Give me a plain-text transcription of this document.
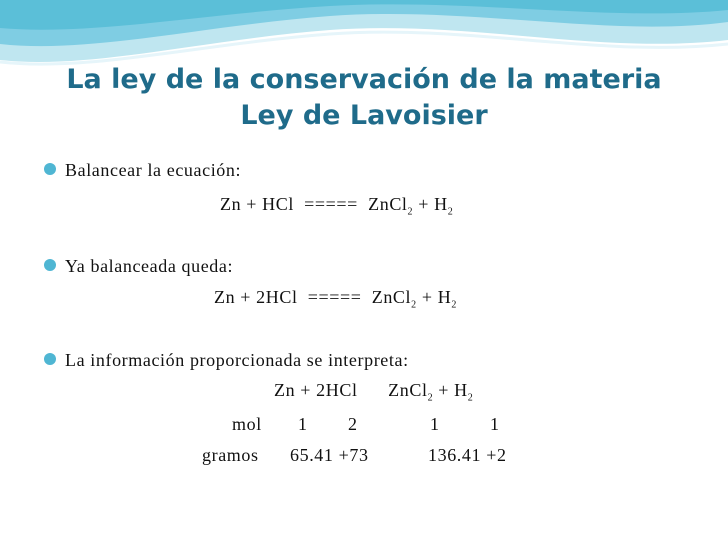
La ley de la conservación de la materia
Ley de Lavoisier
Balancear la ecuación:
Zn + HCl ===== ZnCl$_2$ + $H_2$
Ya balanceada queda:
Zn + 2HCl ===== ZnCl$_2$ + $H_2$
La información proporcionada se interpreta:
Zn + 2HCl ZnCl$_2$ + $H_2$
mol 1 2	1	1
gramos 65.41 +73	136.41 +2
